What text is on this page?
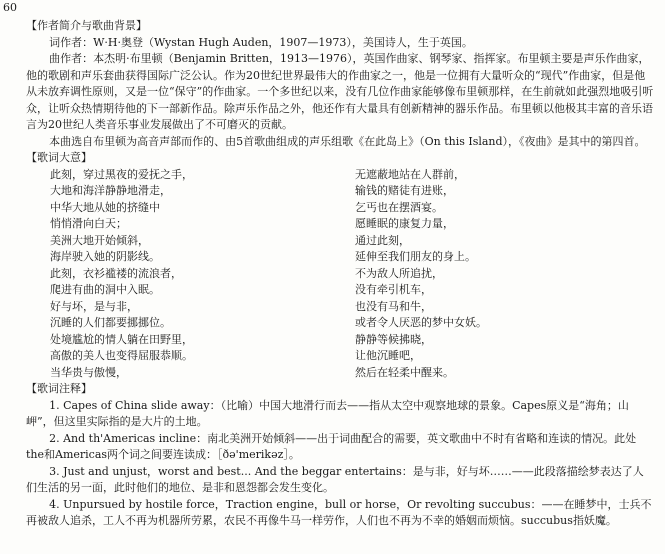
60
【作者简介与歌曲背景】

词作者：W·H·奥登（Wystan Hugh Auden，1907—1973），美国诗人，生于英国。

曲作者：本杰明·布里顿（Benjamin Britten，1913—1976），英国作曲家、钢琴家、指挥家。布里顿主要是声乐作曲家，他的歌剧和声乐套曲获得国际广泛公认。作为20世纪世界最伟大的作曲家之一，他是一位拥有大量听众的“现代”作曲家，但是他从未放弃调性原则，又是一位“保守”的作曲家。一个多世纪以来，没有几位作曲家能够像布里顿那样，在生前就如此强烈地吸引听众，让听众热情期待他的下一部新作品。除声乐作品之外，他还作有大量具有创新精神的器乐作品。布里顿以他极其丰富的音乐语言为20世纪人类音乐事业发展做出了不可磨灭的贡献。

本曲选自布里顿为高音声部而作的、由5首歌曲组成的声乐组歌《在此岛上》（On this Island），《夜曲》是其中的第四首。

【歌词大意】
此刻，穿过黑夜的爱抚之手，
大地和海洋静静地滑走，
中华大地从她的挤缝中
悄悄滑向白天；
美洲大地开始倾斜，
海岸驶入她的阴影线。
此刻，衣衫褴褛的流浪者，
爬进有曲的洞中入眠。
好与坏，是与非，
沉睡的人们都要挪挪位。
处境尴尬的情人躺在田野里，
高傲的美人也变得屈服恭顺。
当华贵与傲慢，
无遮蔽地站在人群前，
输钱的赌徒有进账，
乞丐也在摆酒宴。
愿睡眠的康复力量，
通过此刻，
延伸至我们朋友的身上。
不为敌人所追扰，
没有牵引机车，
也没有马和牛，
或者令人厌恶的梦中女妖。
静静等候拂晓，
让他沉睡吧，
然后在轻柔中醒来。
【歌词注释】

1. Capes of China slide away：（比喻）中国大地滑行而去——指从太空中观察地球的景象。Capes原义是“海角；山岬”，但这里实际指的是大片的土地。

2. And th'Americas incline：南北美洲开始倾斜——出于词曲配合的需要，英文歌曲中不时有省略和连读的情况。此处the和Americas两个词之间要连读成：［ðə'merikəz］。

3. Just and unjust，worst and best... And the beggar entertains：是与非，好与坏……——此段落描绘梦表达了人们生活的另一面，此时他们的地位、是非和恩怨都会发生变化。

4. Unpursued by hostile force，Traction engine，bull or horse，Or revolting succubus：——在睡梦中，士兵不再被敌人追杀，工人不再为机器所劳累，农民不再像牛马一样劳作，人们也不再为不幸的婚姻而烦恼。succubus指妖魔。
